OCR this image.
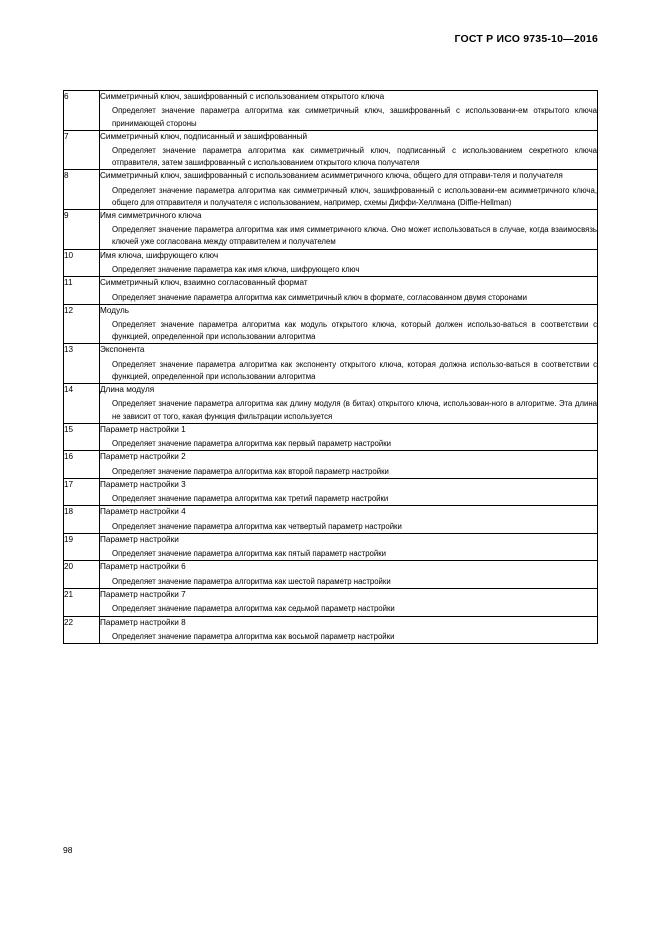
ГОСТ Р ИСО 9735-10—2016
6	Симметричный ключ, зашифрованный с использованием открытого ключа

Определяет значение параметра алгоритма как симметричный ключ, зашифрованный с использовани-ем открытого ключа принимающей стороны

7	Симметричный ключ, подписанный и зашифрованный

Определяет значение параметра алгоритма как симметричный ключ, подписанный с использованием секретного ключа отправителя, затем зашифрованный с использованием открытого ключа получателя

8	Симметричный ключ, зашифрованный с использованием асимметричного ключа, общего для отправи-теля и получателя

Определяет значение параметра алгоритма как симметричный ключ, зашифрованный с использовани-ем асимметричного ключа, общего для отправителя и получателя с использованием, например, схемы Диффи-Хеллмана (Diffie-Hellman)

9	Имя симметричного ключа

Определяет значение параметра алгоритма как имя симметричного ключа. Оно может использоваться в случае, когда взаимосвязь ключей уже согласована между отправителем и получателем

10	Имя ключа, шифрующего ключ

Определяет значение параметра как имя ключа, шифрующего ключ

11	Симметричный ключ, взаимно согласованный формат

Определяет значение параметра алгоритма как симметричный ключ в формате, согласованном двумя сторонами

12	Модуль

Определяет значение параметра алгоритма как модуль открытого ключа, который должен использо-ваться в соответствии с функцией, определенной при использовании алгоритма

13	Экспонента

Определяет значение параметра алгоритма как экспоненту открытого ключа, которая должна использо-ваться в соответствии с функцией, определенной при использовании алгоритма

14	Длина модуля

Определяет значение параметра алгоритма как длину модуля (в битах) открытого ключа, использован-ного в алгоритме. Эта длина не зависит от того, какая функция фильтрации используется

15	Параметр настройки 1

Определяет значение параметра алгоритма как первый параметр настройки

16	Параметр настройки 2

Определяет значение параметра алгоритма как второй параметр настройки

17	Параметр настройки 3

Определяет значение параметра алгоритма как третий параметр настройки

18	Параметр настройки 4

Определяет значение параметра алгоритма как четвертый параметр настройки

19	Параметр настройки

Определяет значение параметра алгоритма как пятый параметр настройки

20	Параметр настройки 6

Определяет значение параметра алгоритма как шестой параметр настройки

21	Параметр настройки 7

Определяет значение параметра алгоритма как седьмой параметр настройки

22	Параметр настройки 8

Определяет значение параметра алгоритма как восьмой параметр настройки

98
